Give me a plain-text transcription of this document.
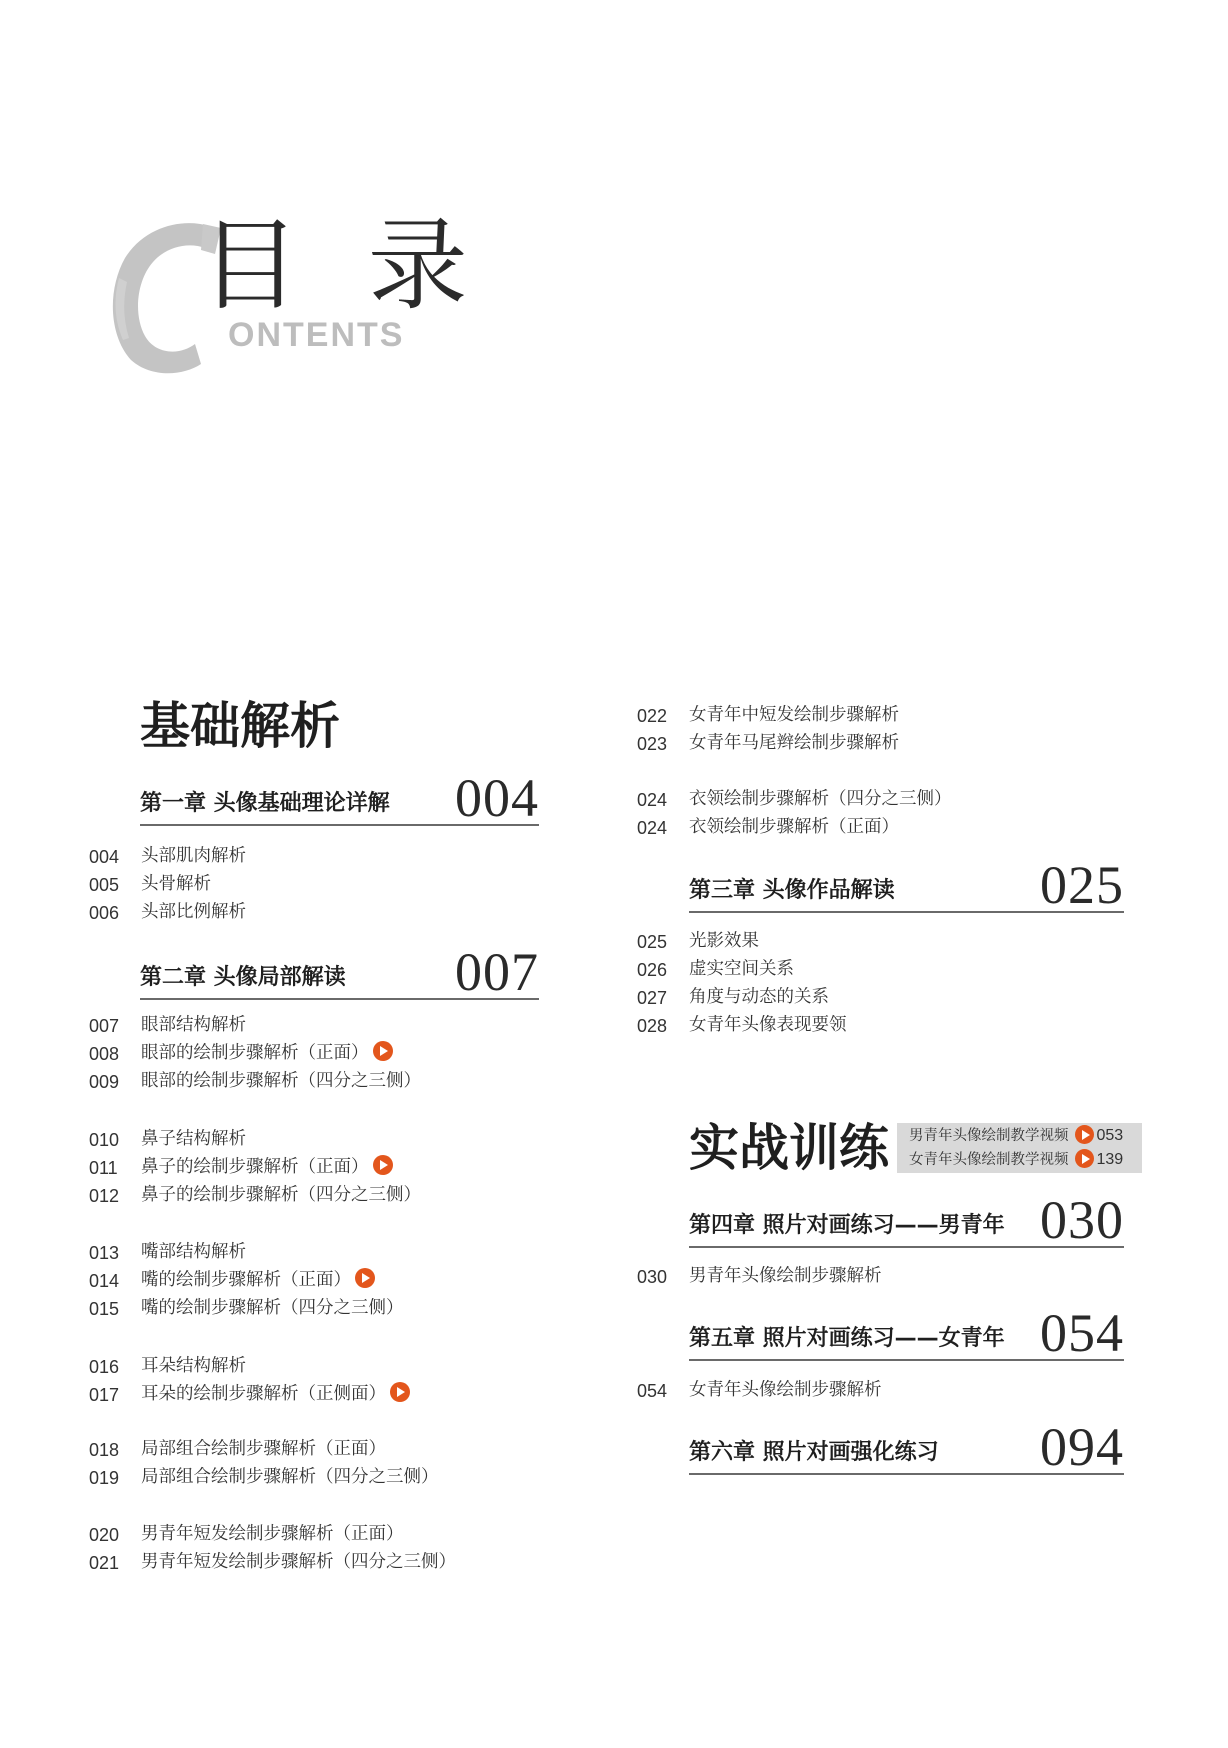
目 录
ONTENTS
基础解析
第一章 头像基础理论详解 004
004 头部肌肉解析
005 头骨解析
006 头部比例解析
第二章 头像局部解读 007
007 眼部结构解析
008 眼部的绘制步骤解析（正面）
009 眼部的绘制步骤解析（四分之三侧）
010 鼻子结构解析
011 鼻子的绘制步骤解析（正面）
012 鼻子的绘制步骤解析（四分之三侧）
013 嘴部结构解析
014 嘴的绘制步骤解析（正面）
015 嘴的绘制步骤解析（四分之三侧）
016 耳朵结构解析
017 耳朵的绘制步骤解析（正侧面）
018 局部组合绘制步骤解析（正面）
019 局部组合绘制步骤解析（四分之三侧）
020 男青年短发绘制步骤解析（正面）
021 男青年短发绘制步骤解析（四分之三侧）
022 女青年中短发绘制步骤解析
023 女青年马尾辫绘制步骤解析
024 衣领绘制步骤解析（四分之三侧）
024 衣领绘制步骤解析（正面）
第三章 头像作品解读	025
025 光影效果
026 虚实空间关系
027 角度与动态的关系
028 女青年头像表现要领
实战训练 男青年头像绘制教学视频 053
女青年头像绘制教学视频 139
第四章 照片对画练习——男青年 030
030 男青年头像绘制步骤解析
第五章 照片对画练习——女青年 054
054 女青年头像绘制步骤解析
第六章 照片对画强化练习 094
